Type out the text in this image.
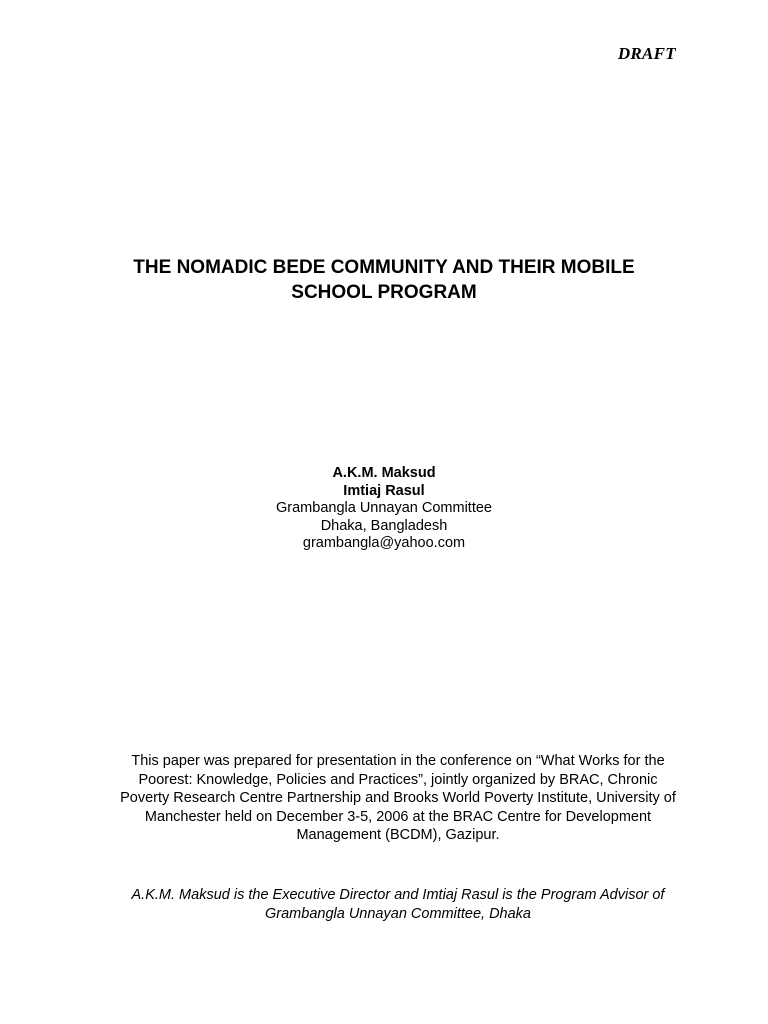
DRAFT
THE NOMADIC BEDE COMMUNITY AND THEIR MOBILE
SCHOOL PROGRAM
A.K.M. Maksud
Imtiaj Rasul
Grambangla Unnayan Committee
Dhaka, Bangladesh
grambangla@yahoo.com
This paper was prepared for presentation in the conference on “What Works for the
Poorest: Knowledge, Policies and Practices”, jointly organized by BRAC, Chronic
Poverty Research Centre Partnership and Brooks World Poverty Institute, University of
Manchester held on December 3-5, 2006 at the BRAC Centre for Development
Management (BCDM), Gazipur.
A.K.M. Maksud is the Executive Director and Imtiaj Rasul is the Program Advisor of
Grambangla Unnayan Committee, Dhaka
